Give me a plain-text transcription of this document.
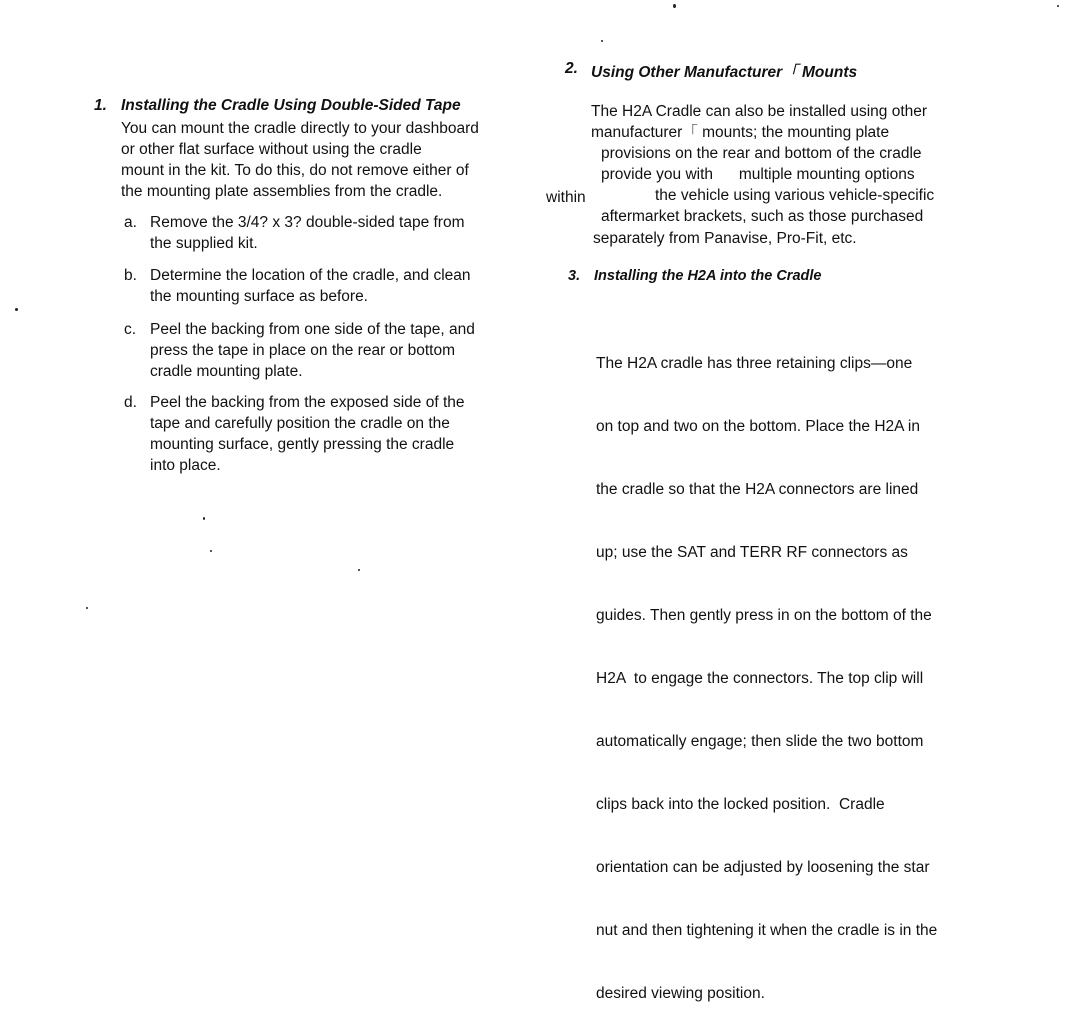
1. Installing the Cradle Using Double-Sided Tape
You can mount the cradle directly to your dashboard
or other flat surface without using the cradle
mount in the kit. To do this, do not remove either of
the mounting plate assemblies from the cradle.
a. Remove the 3/4? x 3? double-sided tape from
the supplied kit.
b. Determine the location of the cradle, and clean
the mounting surface as before.
c. Peel the backing from one side of the tape, and
press the tape in place on the rear or bottom
cradle mounting plate.
d. Peel the backing from the exposed side of the
tape and carefully position the cradle on the
mounting surface, gently pressing the cradle
into place.
2. Using Other Manufacturer「 Mounts
The H2A Cradle can also be installed using other
manufacturer「 mounts; the mounting plate
provisions on the rear and bottom of the cradle
provide you with      multiple mounting options
within	the vehicle using various vehicle-specific
aftermarket brackets, such as those purchased
separately from Panavise, Pro-Fit, etc.
3. Installing the H2A into the Cradle

The H2A cradle has three retaining clips—one

on top and two on the bottom. Place the H2A in

the cradle so that the H2A connectors are lined

up; use the SAT and TERR RF connectors as

guides. Then gently press in on the bottom of the

H2A  to engage the connectors. The top clip will

automatically engage; then slide the two bottom

clips back into the locked position.  Cradle

orientation can be adjusted by loosening the star

nut and then tightening it when the cradle is in the

desired viewing position.
